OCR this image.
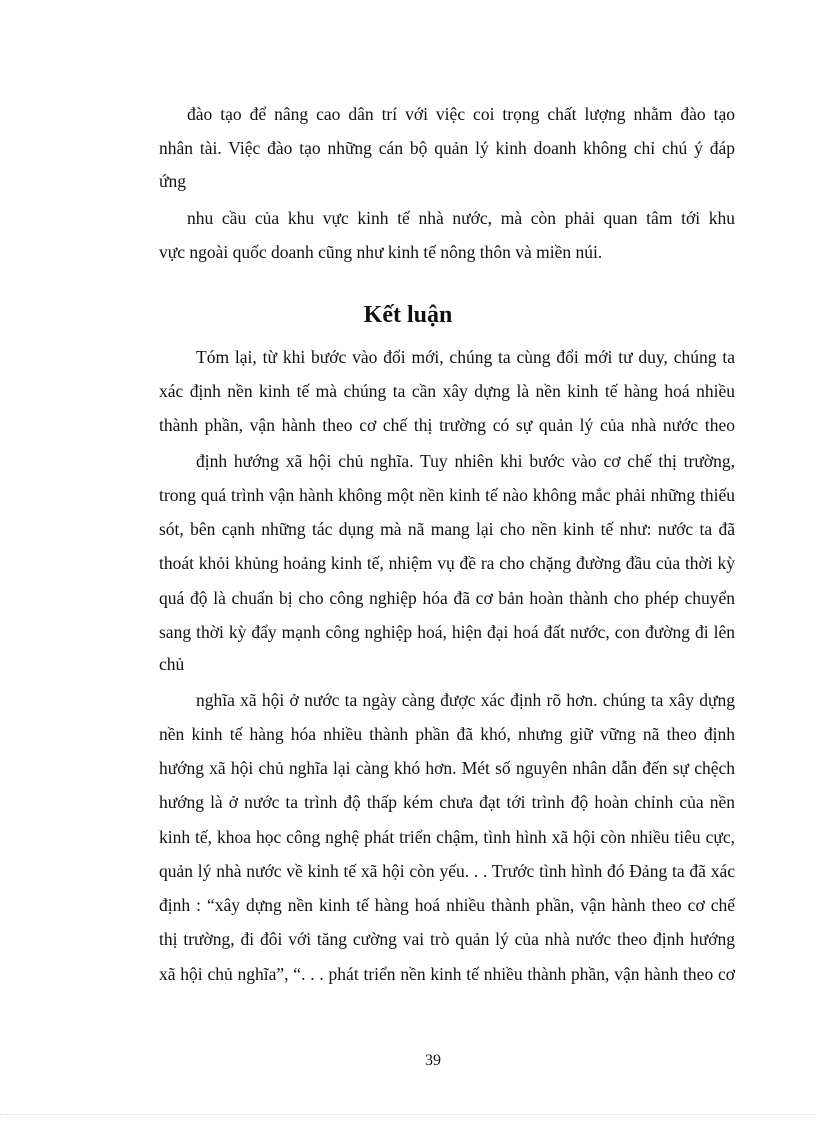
đào tạo để nâng cao dân trí với việc coi trọng chất lượng nhằm đào tạo
nhân tài. Việc đào tạo những cán bộ quản lý kinh doanh không chỉ chú ý đáp
ứng
nhu cầu của khu vực kinh tế nhà nước, mà còn phải quan tâm tới khu
vực ngoài quốc doanh cũng như kinh tế nông thôn và miền núi.
Kết luận
Tóm lại, từ khi bước vào đổi mới, chúng ta cùng đổi mới tư duy, chúng ta
xác định nền kinh tế mà chúng ta cần xây dựng là nền kinh tế hàng hoá nhiều
thành phần, vận hành theo cơ chế thị trường có sự quản lý của nhà nước theo
định hướng xã hội chủ nghĩa. Tuy nhiên khi bước vào cơ chế thị trường,
trong quá trình vận hành không một nền kinh tế nào không mắc phải những thiếu
sót, bên cạnh những tác dụng mà nã mang lại cho nền kinh tế như: nước ta đã
thoát khỏi khủng hoảng kinh tế, nhiệm vụ đề ra cho chặng đường đầu của thời kỳ
quá độ là chuẩn bị cho công nghiệp hóa đã cơ bản hoàn thành cho phép chuyển
sang thời kỳ đẩy mạnh công nghiệp hoá, hiện đại hoá đất nước, con đường đi lên
chủ
nghĩa xã hội ở nước ta ngày càng được xác định rõ hơn. chúng ta xây dựng
nền kinh tế hàng hóa nhiều thành phần đã khó, nhưng giữ vững nã theo định
hướng xã hội chủ nghĩa lại càng khó hơn. Mét số nguyên nhân dẫn đến sự chệch
hướng là ở nước ta trình độ thấp kém chưa đạt tới trình độ hoàn chỉnh của nền
kinh tế, khoa học công nghệ phát triển chậm, tình hình xã hội còn nhiều tiêu cực,
quản lý nhà nước về kinh tế xã hội còn yếu. . . Trước tình hình đó Đảng ta đã xác
định : “xây dựng nền kinh tế hàng hoá nhiều thành phần, vận hành theo cơ chế
thị trường, đi đôi với tăng cường vai trò quản lý của nhà nước theo định hướng
xã hội chủ nghĩa”, “. . . phát triển nền kinh tế nhiều thành phần, vận hành theo cơ
39
